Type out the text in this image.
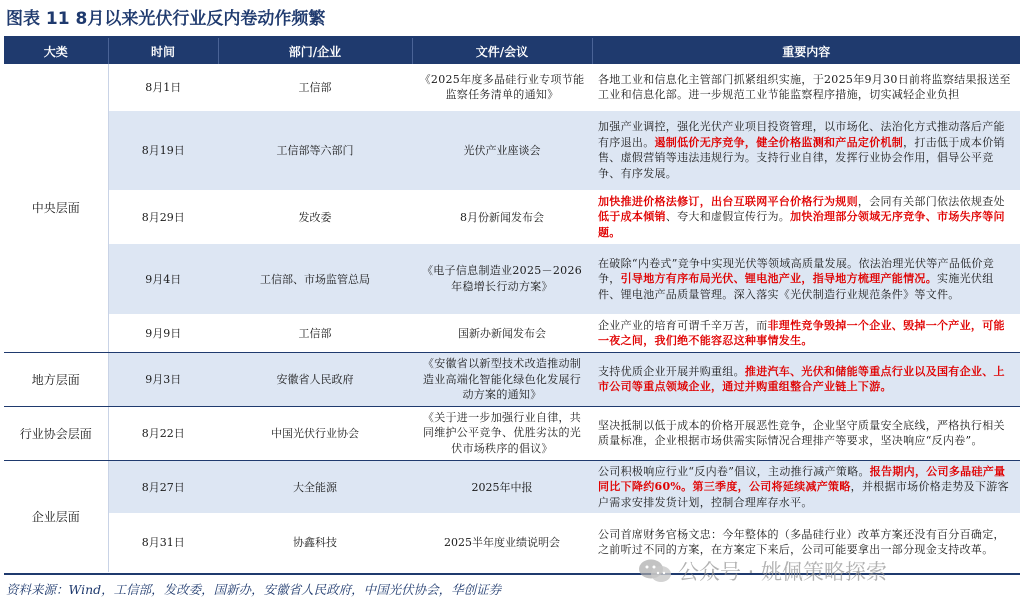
图表 11 8月以来光伏行业反内卷动作频繁
大类	时间	部门/企业	文件/会议	重要内容
中央层面	8月1日	工信部	《2025年度多晶硅行业专项节能监察任务清单的通知》	各地工业和信息化主管部门抓紧组织实施，于2025年9月30日前将监察结果报送至工业和信息化部。进一步规范工业节能监察程序措施，切实减轻企业负担
	8月19日	工信部等六部门	光伏产业座谈会	加强产业调控，强化光伏产业项目投资管理，以市场化、法治化方式推动落后产能有序退出。遏制低价无序竞争，健全价格监测和产品定价机制，打击低于成本价销售、虚假营销等违法违规行为。支持行业自律，发挥行业协会作用，倡导公平竞争、有序发展。
	8月29日	发改委	8月份新闻发布会	加快推进价格法修订，出台互联网平台价格行为规则，会同有关部门依法依规查处低于成本倾销、夸大和虚假宣传行为。加快治理部分领域无序竞争、市场失序等问题。
	9月4日	工信部、市场监管总局	《电子信息制造业2025－2026年稳增长行动方案》	在破除“内卷式”竞争中实现光伏等领域高质量发展。依法治理光伏等产品低价竞争，引导地方有序布局光伏、锂电池产业，指导地方梳理产能情况。实施光伏组件、锂电池产品质量管理。深入落实《光伏制造行业规范条件》等文件。
	9月9日	工信部	国新办新闻发布会	企业产业的培育可谓千辛万苦，而非理性竞争毁掉一个企业、毁掉一个产业，可能一夜之间，我们绝不能容忍这种事情发生。
地方层面	9月3日	安徽省人民政府	《安徽省以新型技术改造推动制造业高端化智能化绿色化发展行动方案的通知》	支持优质企业开展并购重组。推进汽车、光伏和储能等重点行业以及国有企业、上市公司等重点领域企业，通过并购重组整合产业链上下游。
行业协会层面	8月22日	中国光伏行业协会	《关于进一步加强行业自律，共同维护公平竞争、优胜劣汰的光伏市场秩序的倡议》	坚决抵制以低于成本的价格开展恶性竞争，企业坚守质量安全底线，严格执行相关质量标准，企业根据市场供需实际情况合理排产等要求，坚决响应“反内卷”。
企业层面	8月27日	大全能源	2025年中报	公司积极响应行业“反内卷”倡议，主动推行减产策略。报告期内，公司多晶硅产量同比下降约60%。第三季度，公司将延续减产策略，并根据市场价格走势及下游客户需求安排发货计划，控制合理库存水平。
	8月31日	协鑫科技	2025半年度业绩说明会	公司首席财务官杨文忠：今年整体的（多晶硅行业）改革方案还没有百分百确定，之前听过不同的方案，在方案定下来后，公司可能要拿出一部分现金支持改革。
资料来源：Wind，工信部，发改委，国新办，安徽省人民政府，中国光伏协会，华创证券
公众号 · 姚佩策略探索
